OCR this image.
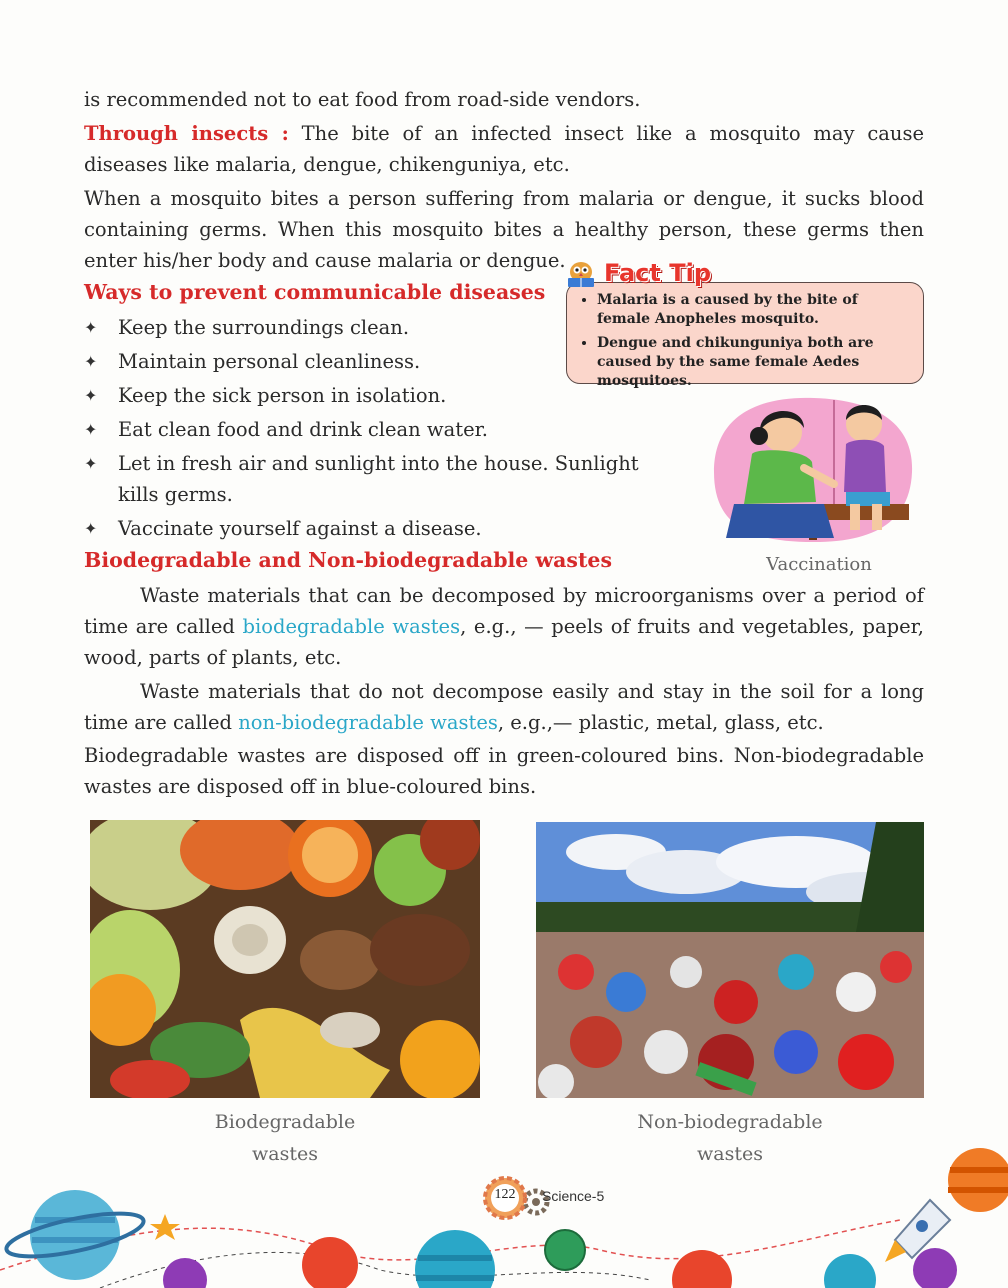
is recommended not to eat food from road-side vendors.

Through insects : The bite of an infected insect like a mosquito may cause diseases like malaria, dengue, chikenguniya, etc.

When a mosquito bites a person suffering from malaria or dengue, it sucks blood containing germs. When this mosquito bites a healthy person, these germs then enter his/her body and cause malaria or dengue.

Ways to prevent communicable diseases
✦ Keep the surroundings clean.
✦ Maintain personal cleanliness.
✦ Keep the sick person in isolation.
✦ Eat clean food and drink clean water.
✦ Let in fresh air and sunlight into the house. Sunlight kills germs.
✦ Vaccinate yourself against a disease.
• Malaria is a caused by the bite of female Anopheles mosquito.
• Dengue and chikunguniya both are caused by the same female Aedes mosquitoes.
Fact Tip
Vaccination
Biodegradable and Non-biodegradable wastes

Waste materials that can be decomposed by microorganisms over a period of time are called biodegradable wastes, e.g., — peels of fruits and vegetables, paper, wood, parts of plants, etc.

Waste materials that do not decompose easily and stay in the soil for a long time are called non-biodegradable wastes, e.g.,— plastic, metal, glass, etc.

Biodegradable wastes are disposed off in green-coloured bins. Non-biodegradable wastes are disposed off in blue-coloured bins.

Biodegradable
wastes
Non-biodegradable
wastes
122	Science-5
